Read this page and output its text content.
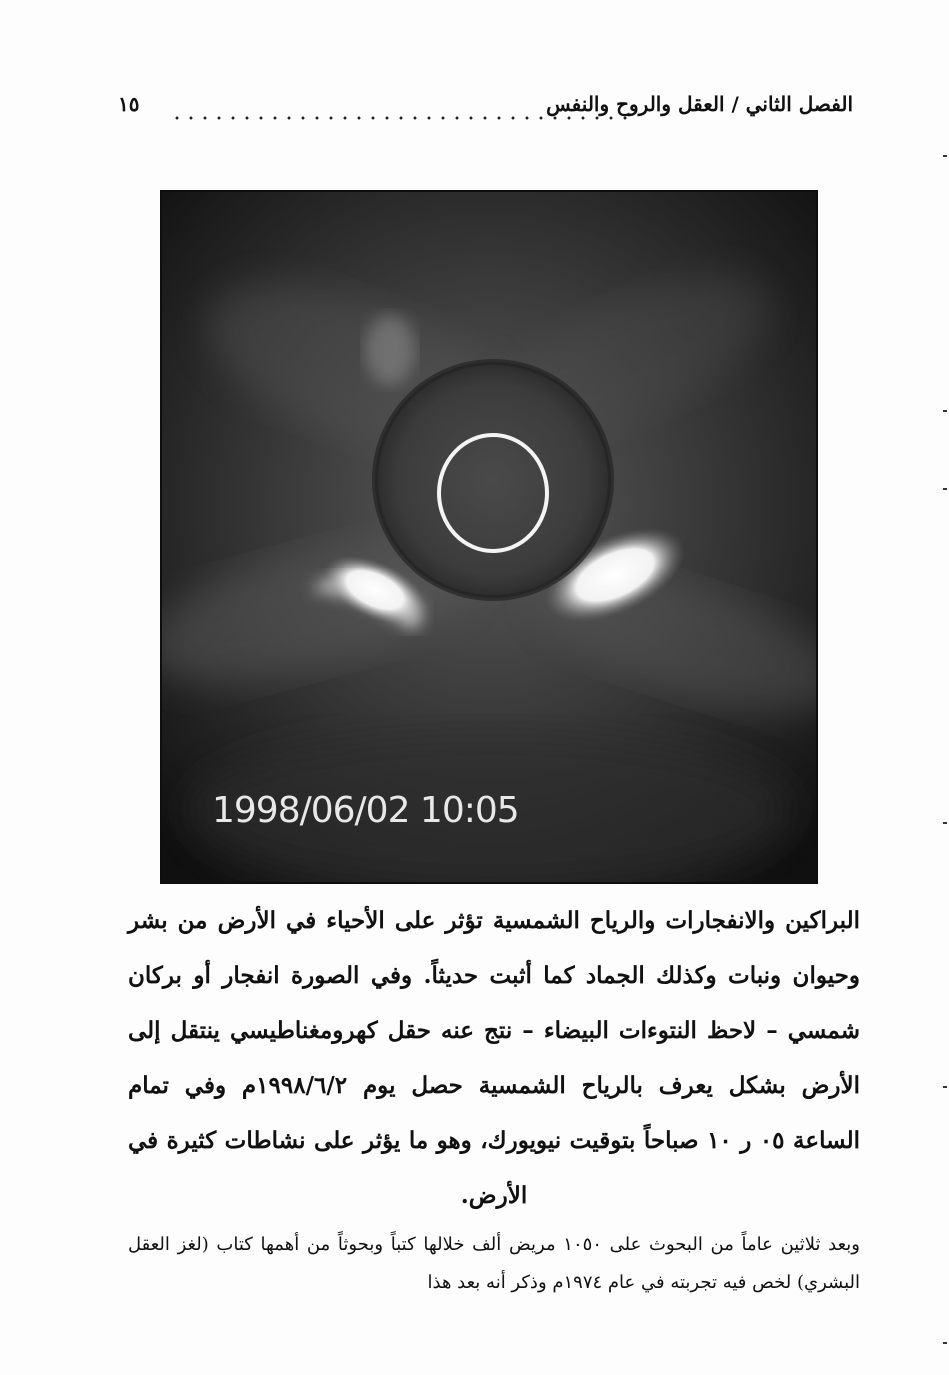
الفصل الثاني / العقل والروح والنفس
١٥
1998/06/02 10:05
البراكين والانفجارات والرياح الشمسية تؤثر على الأحياء في الأرض من بشر وحيوان ونبات وكذلك الجماد كما أثبت حديثاً. وفي الصورة انفجار أو بركان شمسي – لاحظ النتوءات البيضاء – نتج عنه حقل كهرومغناطيسي ينتقل إلى الأرض بشكل يعرف بالرياح الشمسية حصل يوم ١٩٩٨/٦/٢م وفي تمام الساعة ٠٥ ر ١٠ صباحاً بتوقيت نيويورك، وهو ما يؤثر على نشاطات كثيرة في الأرض.
وبعد ثلاثين عاماً من البحوث على ١٠٥٠ مريض ألف خلالها كتباً وبحوثاً من أهمها كتاب (لغز العقل البشري) لخص فيه تجربته في عام ١٩٧٤م وذكر أنه بعد هذا
